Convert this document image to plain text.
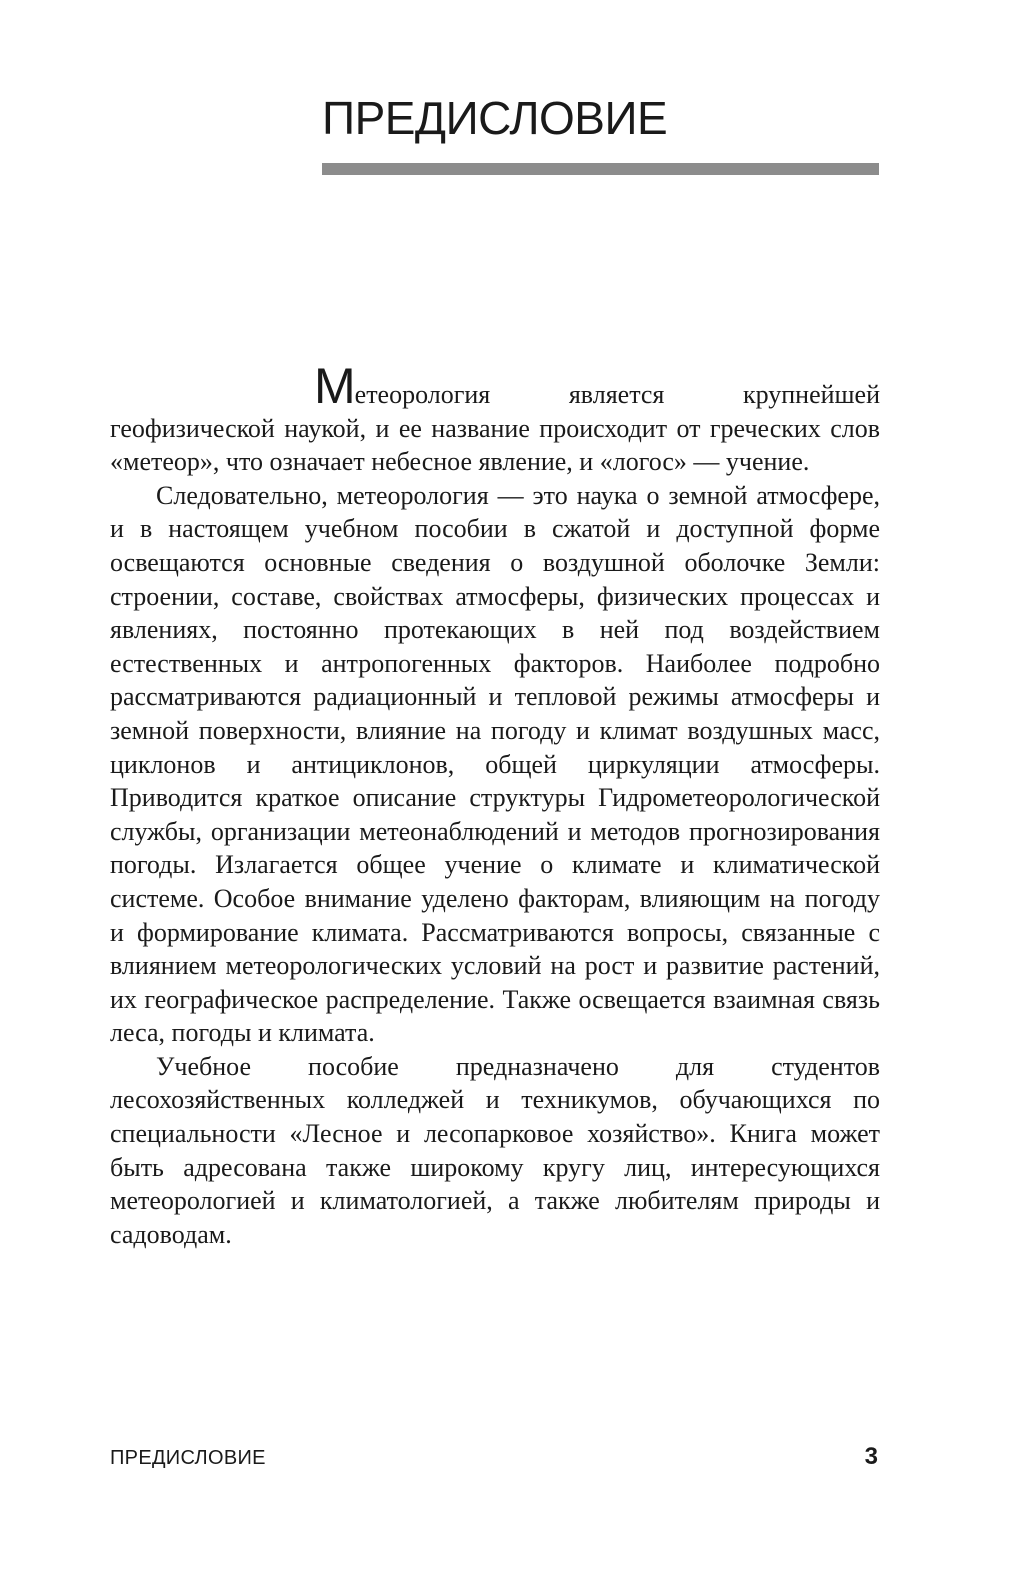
ПРЕДИСЛОВИЕ

Метеорология является крупнейшей геофизической наукой, и ее название происходит от греческих слов «метеор», что означает небесное явление, и «логос» — учение.

Следовательно, метеорология — это наука о земной атмосфере, и в настоящем учебном пособии в сжатой и доступной форме освещаются основные сведения о воздушной оболочке Земли: строении, составе, свойствах атмосферы, физических процессах и явлениях, постоянно протекающих в ней под воздействием естественных и антропогенных факторов. Наиболее подробно рассматриваются радиационный и тепловой режимы атмосферы и земной поверхности, влияние на погоду и климат воздушных масс, циклонов и антициклонов, общей циркуляции атмосферы. Приводится краткое описание структуры Гидрометеорологической службы, организации метеонаблюдений и методов прогнозирования погоды. Излагается общее учение о климате и климатической системе. Особое внимание уделено факторам, влияющим на погоду и формирование климата. Рассматриваются вопросы, связанные с влиянием метеорологических условий на рост и развитие растений, их географическое распределение. Также освещается взаимная связь леса, погоды и климата.

Учебное пособие предназначено для студентов лесохозяйственных колледжей и техникумов, обучающихся по специальности «Лесное и лесопарковое хозяйство». Книга может быть адресована также широкому кругу лиц, интересующихся метеорологией и климатологией, а также любителям природы и садоводам.

ПРЕДИСЛОВИЕ	3
